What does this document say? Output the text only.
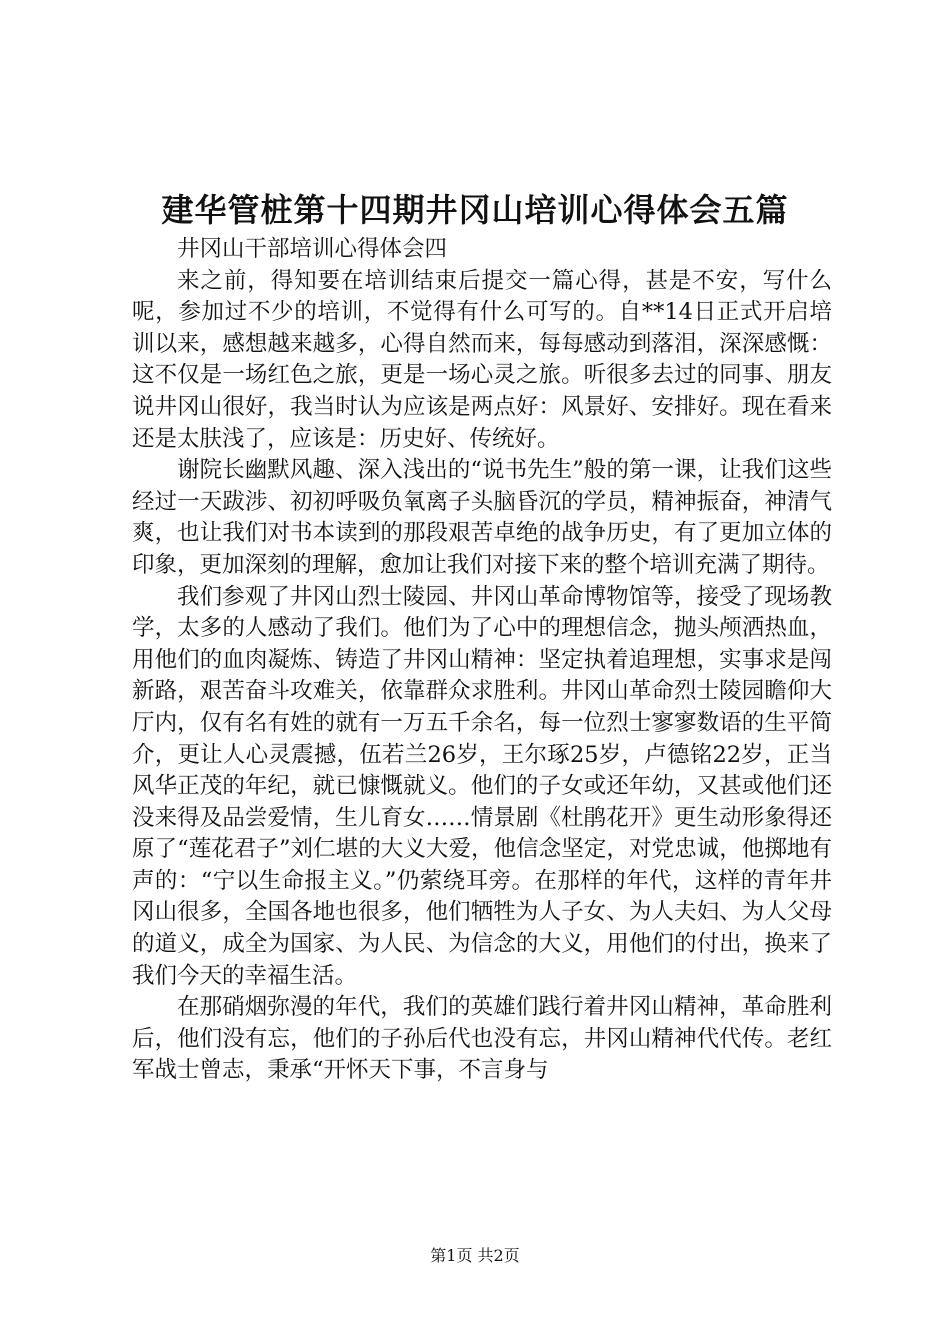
建华管桩第十四期井冈山培训心得体会五篇

井冈山干部培训心得体会四

来之前，得知要在培训结束后提交一篇心得，甚是不安，写什么呢，参加过不少的培训，不觉得有什么可写的。自**14日正式开启培训以来，感想越来越多，心得自然而来，每每感动到落泪，深深感慨：这不仅是一场红色之旅，更是一场心灵之旅。听很多去过的同事、朋友说井冈山很好，我当时认为应该是两点好：风景好、安排好。现在看来还是太肤浅了，应该是：历史好、传统好。

谢院长幽默风趣、深入浅出的“说书先生”般的第一课，让我们这些经过一天跋涉、初初呼吸负氧离子头脑昏沉的学员，精神振奋，神清气爽，也让我们对书本读到的那段艰苦卓绝的战争历史，有了更加立体的印象，更加深刻的理解，愈加让我们对接下来的整个培训充满了期待。

我们参观了井冈山烈士陵园、井冈山革命博物馆等，接受了现场教学，太多的人感动了我们。他们为了心中的理想信念，抛头颅洒热血，用他们的血肉凝炼、铸造了井冈山精神：坚定执着追理想，实事求是闯新路，艰苦奋斗攻难关，依靠群众求胜利。井冈山革命烈士陵园瞻仰大厅内，仅有名有姓的就有一万五千余名，每一位烈士寥寥数语的生平简介，更让人心灵震撼，伍若兰26岁，王尔琢25岁，卢德铭22岁，正当风华正茂的年纪，就已慷慨就义。他们的子女或还年幼，又甚或他们还没来得及品尝爱情，生儿育女……情景剧《杜鹃花开》更生动形象得还原了“莲花君子”刘仁堪的大义大爱，他信念坚定，对党忠诚，他掷地有声的：“宁以生命报主义。”仍萦绕耳旁。在那样的年代，这样的青年井冈山很多，全国各地也很多，他们牺牲为人子女、为人夫妇、为人父母的道义，成全为国家、为人民、为信念的大义，用他们的付出，换来了我们今天的幸福生活。

在那硝烟弥漫的年代，我们的英雄们践行着井冈山精神，革命胜利后，他们没有忘，他们的子孙后代也没有忘，井冈山精神代代传。老红军战士曾志，秉承“开怀天下事，不言身与

第1页 共2页
